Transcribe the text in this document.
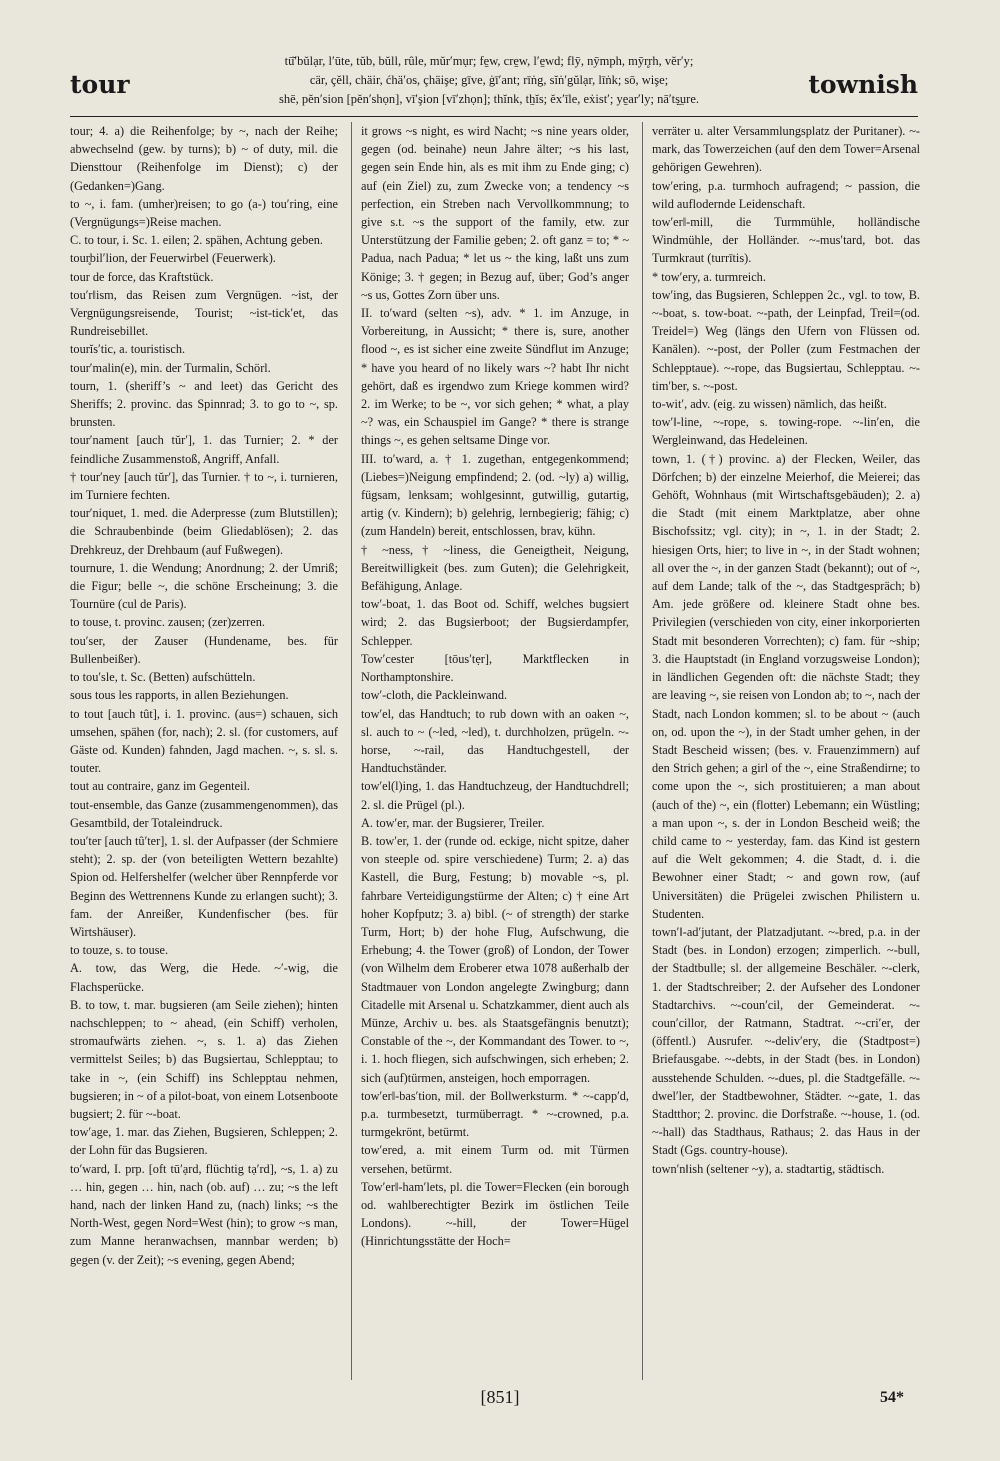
tour
tū̆′bŭlạr, l′ūte, tŭb, bŭll, rûle, mŭr′mụr; fe̱w, cre̱w, l′e̱wd; flȳ, nȳmph, mȳr̥rh, vĕr′y;
cär, çĕll, chäir, ćhä′os, çhäişe; gīve, ġī′ant; rīṅg, sĭṅ′gŭlạr, līṅk; sō, wişe;
shē, pĕn′sion [pĕn′shọn], vī′şion [vī′zhọn]; thĭnk, tẖĭs; ĕx′īle, eẋist′; ye̱ar′ly; nā′tṣ̱ụre.	townish

tour; 4. a) die Reihenfolge; by ~, nach der Reihe; abwechselnd (gew. by turns); b) ~ of duty, mil. die Diensttour (Reihenfolge im Dienst); c) der (Gedanken=)Gang.

to ~, i. fam. (umher)reisen; to go (a-) tou′ring, eine (Vergnügungs=)Reise machen.

C. to tour, i. Sc. 1. eilen; 2. spähen, Achtung geben.

tour̥bil′lion, der Feuerwirbel (Feuerwerk).

tour de force, das Kraftstück.

tou′r‖ism, das Reisen zum Vergnügen. ~ist, der Vergnügungsreisende, Tourist; ~ist-tick′et, das Rundreisebillet.

tourĭs′tic, a. touristisch.

tour′malin(e), min. der Turmalin, Schörl.

tourn, 1. (sheriff’s ~ and leet) das Gericht des Sheriffs; 2. provinc. das Spinnrad; 3. to go to ~, sp. brunsten.

tour′nament [auch tŭr′], 1. das Turnier; 2. * der feindliche Zusammenstoß, Angriff, Anfall.

† tour′ney [auch tŭr′], das Turnier. † to ~, i. turnieren, im Turniere fechten.

tour′niquet, 1. med. die Aderpresse (zum Blutstillen); die Schraubenbinde (beim Gliedablösen); 2. das Drehkreuz, der Drehbaum (auf Fußwegen).

tournure, 1. die Wendung; Anordnung; 2. der Umriß; die Figur; belle ~, die schöne Erscheinung; 3. die Tournüre (cul de Paris).

to touse, t. provinc. zausen; (zer)zerren.

tou′ser, der Zauser (Hundename, bes. für Bullenbeißer).

to tou′sle, t. Sc. (Betten) aufschütteln.

sous tous les rapports, in allen Beziehungen.

to tout [auch tût], i. 1. provinc. (aus=) schauen, sich umsehen, spähen (for, nach); 2. sl. (for customers, auf Gäste od. Kunden) fahnden, Jagd machen. ~, s. sl. s. touter.

tout au contraire, ganz im Gegenteil.

tout-ensemble, das Ganze (zusammengenommen), das Gesamtbild, der Totaleindruck.

tou′ter [auch tû′ter], 1. sl. der Aufpasser (der Schmiere steht); 2. sp. der (von beteiligten Wettern bezahlte) Spion od. Helfershelfer (welcher über Rennpferde vor Beginn des Wettrennens Kunde zu erlangen sucht); 3. fam. der Anreißer, Kundenfischer (bes. für Wirtshäuser).

to touze, s. to touse.

A. tow, das Werg, die Hede. ~′-wig, die Flachsperücke.

B. to tow, t. mar. bugsieren (am Seile ziehen); hinten nachschleppen; to ~ ahead, (ein Schiff) verholen, stromaufwärts ziehen. ~, s. 1. a) das Ziehen vermittelst Seiles; b) das Bugsiertau, Schlepptau; to take in ~, (ein Schiff) ins Schlepptau nehmen, bugsieren; in ~ of a pilot-boat, von einem Lotsenboote bugsiert; 2. für ~-boat.

tow′age, 1. mar. das Ziehen, Bugsieren, Schleppen; 2. der Lohn für das Bugsieren.

to′ward, I. prp. [oft tū′ạrd, flüchtig tạ′rd], ~s, 1. a) zu … hin, gegen … hin, nach (ob. auf) … zu; ~s the left hand, nach der linken Hand zu, (nach) links; ~s the North-West, gegen Nord=West (hin); to grow ~s man, zum Manne heranwachsen, mannbar werden; b) gegen (v. der Zeit); ~s evening, gegen Abend;

it grows ~s night, es wird Nacht; ~s nine years older, gegen (od. beinahe) neun Jahre älter; ~s his last, gegen sein Ende hin, als es mit ihm zu Ende ging; c) auf (ein Ziel) zu, zum Zwecke von; a tendency ~s perfection, ein Streben nach Vervollkommnung; to give s.t. ~s the support of the family, etw. zur Unterstützung der Familie geben; 2. oft ganz = to; * ~ Padua, nach Padua; * let us ~ the king, laßt uns zum Könige; 3. † gegen; in Bezug auf, über; God’s anger ~s us, Gottes Zorn über uns.

II. to′ward (selten ~s), adv. * 1. im Anzuge, in Vorbereitung, in Aussicht; * there is, sure, another flood ~, es ist sicher eine zweite Sündflut im Anzuge; * have you heard of no likely wars ~? habt Ihr nicht gehört, daß es irgendwo zum Kriege kommen wird? 2. im Werke; to be ~, vor sich gehen; * what, a play ~? was, ein Schauspiel im Gange? * there is strange things ~, es gehen seltsame Dinge vor.

III. to′ward, a. † 1. zugethan, entgegenkommend; (Liebes=)Neigung empfindend; 2. (od. ~ly) a) willig, fügsam, lenksam; wohlgesinnt, gutwillig, gutartig, artig (v. Kindern); b) gelehrig, lernbegierig; fähig; c) (zum Handeln) bereit, entschlossen, brav, kühn.

† ~ness, † ~liness, die Geneigtheit, Neigung, Bereitwilligkeit (bes. zum Guten); die Gelehrigkeit, Befähigung, Anlage.

tow′-boat, 1. das Boot od. Schiff, welches bugsiert wird; 2. das Bugsierboot; der Bugsierdampfer, Schlepper.

Tow′cester [tōus′tẹr], Marktflecken in Northamptonshire.

tow′-cloth, die Packleinwand.

tow′el, das Handtuch; to rub down with an oaken ~, sl. auch to ~ (~led, ~led), t. durchholzen, prügeln. ~-horse, ~-rail, das Handtuchgestell, der Handtuchständer.

tow′el(l)ing, 1. das Handtuchzeug, der Handtuchdrell; 2. sl. die Prügel (pl.).

A. tow′er, mar. der Bugsierer, Treiler.

B. tow′er, 1. der (runde od. eckige, nicht spitze, daher von steeple od. spire verschiedene) Turm; 2. a) das Kastell, die Burg, Festung; b) movable ~s, pl. fahrbare Verteidigungstürme der Alten; c) † eine Art hoher Kopfputz; 3. a) bibl. (~ of strength) der starke Turm, Hort; b) der hohe Flug, Aufschwung, die Erhebung; 4. the Tower (groß) of London, der Tower (von Wilhelm dem Eroberer etwa 1078 außerhalb der Stadtmauer von London angelegte Zwingburg; dann Citadelle mit Arsenal u. Schatzkammer, dient auch als Münze, Archiv u. bes. als Staatsgefängnis benutzt); Constable of the ~, der Kommandant des Tower. to ~, i. 1. hoch fliegen, sich aufschwingen, sich erheben; 2. sich (auf)türmen, ansteigen, hoch emporragen.

tow′er‖-bas′tion, mil. der Bollwerksturm. * ~-capp′d, p.a. turmbesetzt, turmüberragt. * ~-crowned, p.a. turmgekrönt, betürmt.

tow′ered, a. mit einem Turm od. mit Türmen versehen, betürmt.

Tow′er‖-ham′lets, pl. die Tower=Flecken (ein borough od. wahlberechtigter Bezirk im östlichen Teile Londons). ~-hill, der Tower=Hügel (Hinrichtungsstätte der Hoch=

verräter u. alter Versammlungsplatz der Puritaner). ~-mark, das Towerzeichen (auf den dem Tower=Arsenal gehörigen Gewehren).

tow′ering, p.a. turmhoch aufragend; ~ passion, die wild auflodernde Leidenschaft.

tow′er‖-mill, die Turmmühle, holländische Windmühle, der Holländer. ~-mus′tard, bot. das Turmkraut (turrītis).

* tow′ery, a. turmreich.

tow′ing, das Bugsieren, Schleppen 2c., vgl. to tow, B. ~-boat, s. tow-boat. ~-path, der Leinpfad, Treil=(od. Treidel=) Weg (längs den Ufern von Flüssen od. Kanälen). ~-post, der Poller (zum Festmachen der Schlepptaue). ~-rope, das Bugsiertau, Schlepptau. ~-tim′ber, s. ~-post.

to-wit′, adv. (eig. zu wissen) nämlich, das heißt.

tow′‖-line, ~-rope, s. towing-rope. ~-lin′en, die Wergleinwand, das Hedeleinen.

town, 1. (†) provinc. a) der Flecken, Weiler, das Dörfchen; b) der einzelne Meierhof, die Meierei; das Gehöft, Wohnhaus (mit Wirtschaftsgebäuden); 2. a) die Stadt (mit einem Marktplatze, aber ohne Bischofssitz; vgl. city); in ~, 1. in der Stadt; 2. hiesigen Orts, hier; to live in ~, in der Stadt wohnen; all over the ~, in der ganzen Stadt (bekannt); out of ~, auf dem Lande; talk of the ~, das Stadtgespräch; b) Am. jede größere od. kleinere Stadt ohne bes. Privilegien (verschieden von city, einer inkorporierten Stadt mit besonderen Vorrechten); c) fam. für ~ship; 3. die Hauptstadt (in England vorzugsweise London); in ländlichen Gegenden oft: die nächste Stadt; they are leaving ~, sie reisen von London ab; to ~, nach der Stadt, nach London kommen; sl. to be about ~ (auch on, od. upon the ~), in der Stadt umher gehen, in der Stadt Bescheid wissen; (bes. v. Frauenzimmern) auf den Strich gehen; a girl of the ~, eine Straßendirne; to come upon the ~, sich prostituieren; a man about (auch of the) ~, ein (flotter) Lebemann; ein Wüstling; a man upon ~, s. der in London Bescheid weiß; the child came to ~ yesterday, fam. das Kind ist gestern auf die Welt gekommen; 4. die Stadt, d. i. die Bewohner einer Stadt; ~ and gown row, (auf Universitäten) die Prügelei zwischen Philistern u. Studenten.

town′‖-ad′jutant, der Platzadjutant. ~-bred, p.a. in der Stadt (bes. in London) erzogen; zimperlich. ~-bull, der Stadtbulle; sl. der allgemeine Beschäler. ~-clerk, 1. der Stadtschreiber; 2. der Aufseher des Londoner Stadtarchivs. ~-coun′cil, der Gemeinderat. ~-coun′cillor, der Ratmann, Stadtrat. ~-cri′er, der (öffentl.) Ausrufer. ~-deliv′ery, die (Stadtpost=) Briefausgabe. ~-debts, in der Stadt (bes. in London) ausstehende Schulden. ~-dues, pl. die Stadtgefälle. ~-dwel′ler, der Stadtbewohner, Städter. ~-gate, 1. das Stadtthor; 2. provinc. die Dorfstraße. ~-house, 1. (od. ~-hall) das Stadthaus, Rathaus; 2. das Haus in der Stadt (Ggs. country-house).

town′n‖ish (seltener ~y), a. stadtartig, städtisch.

[851]	54*
